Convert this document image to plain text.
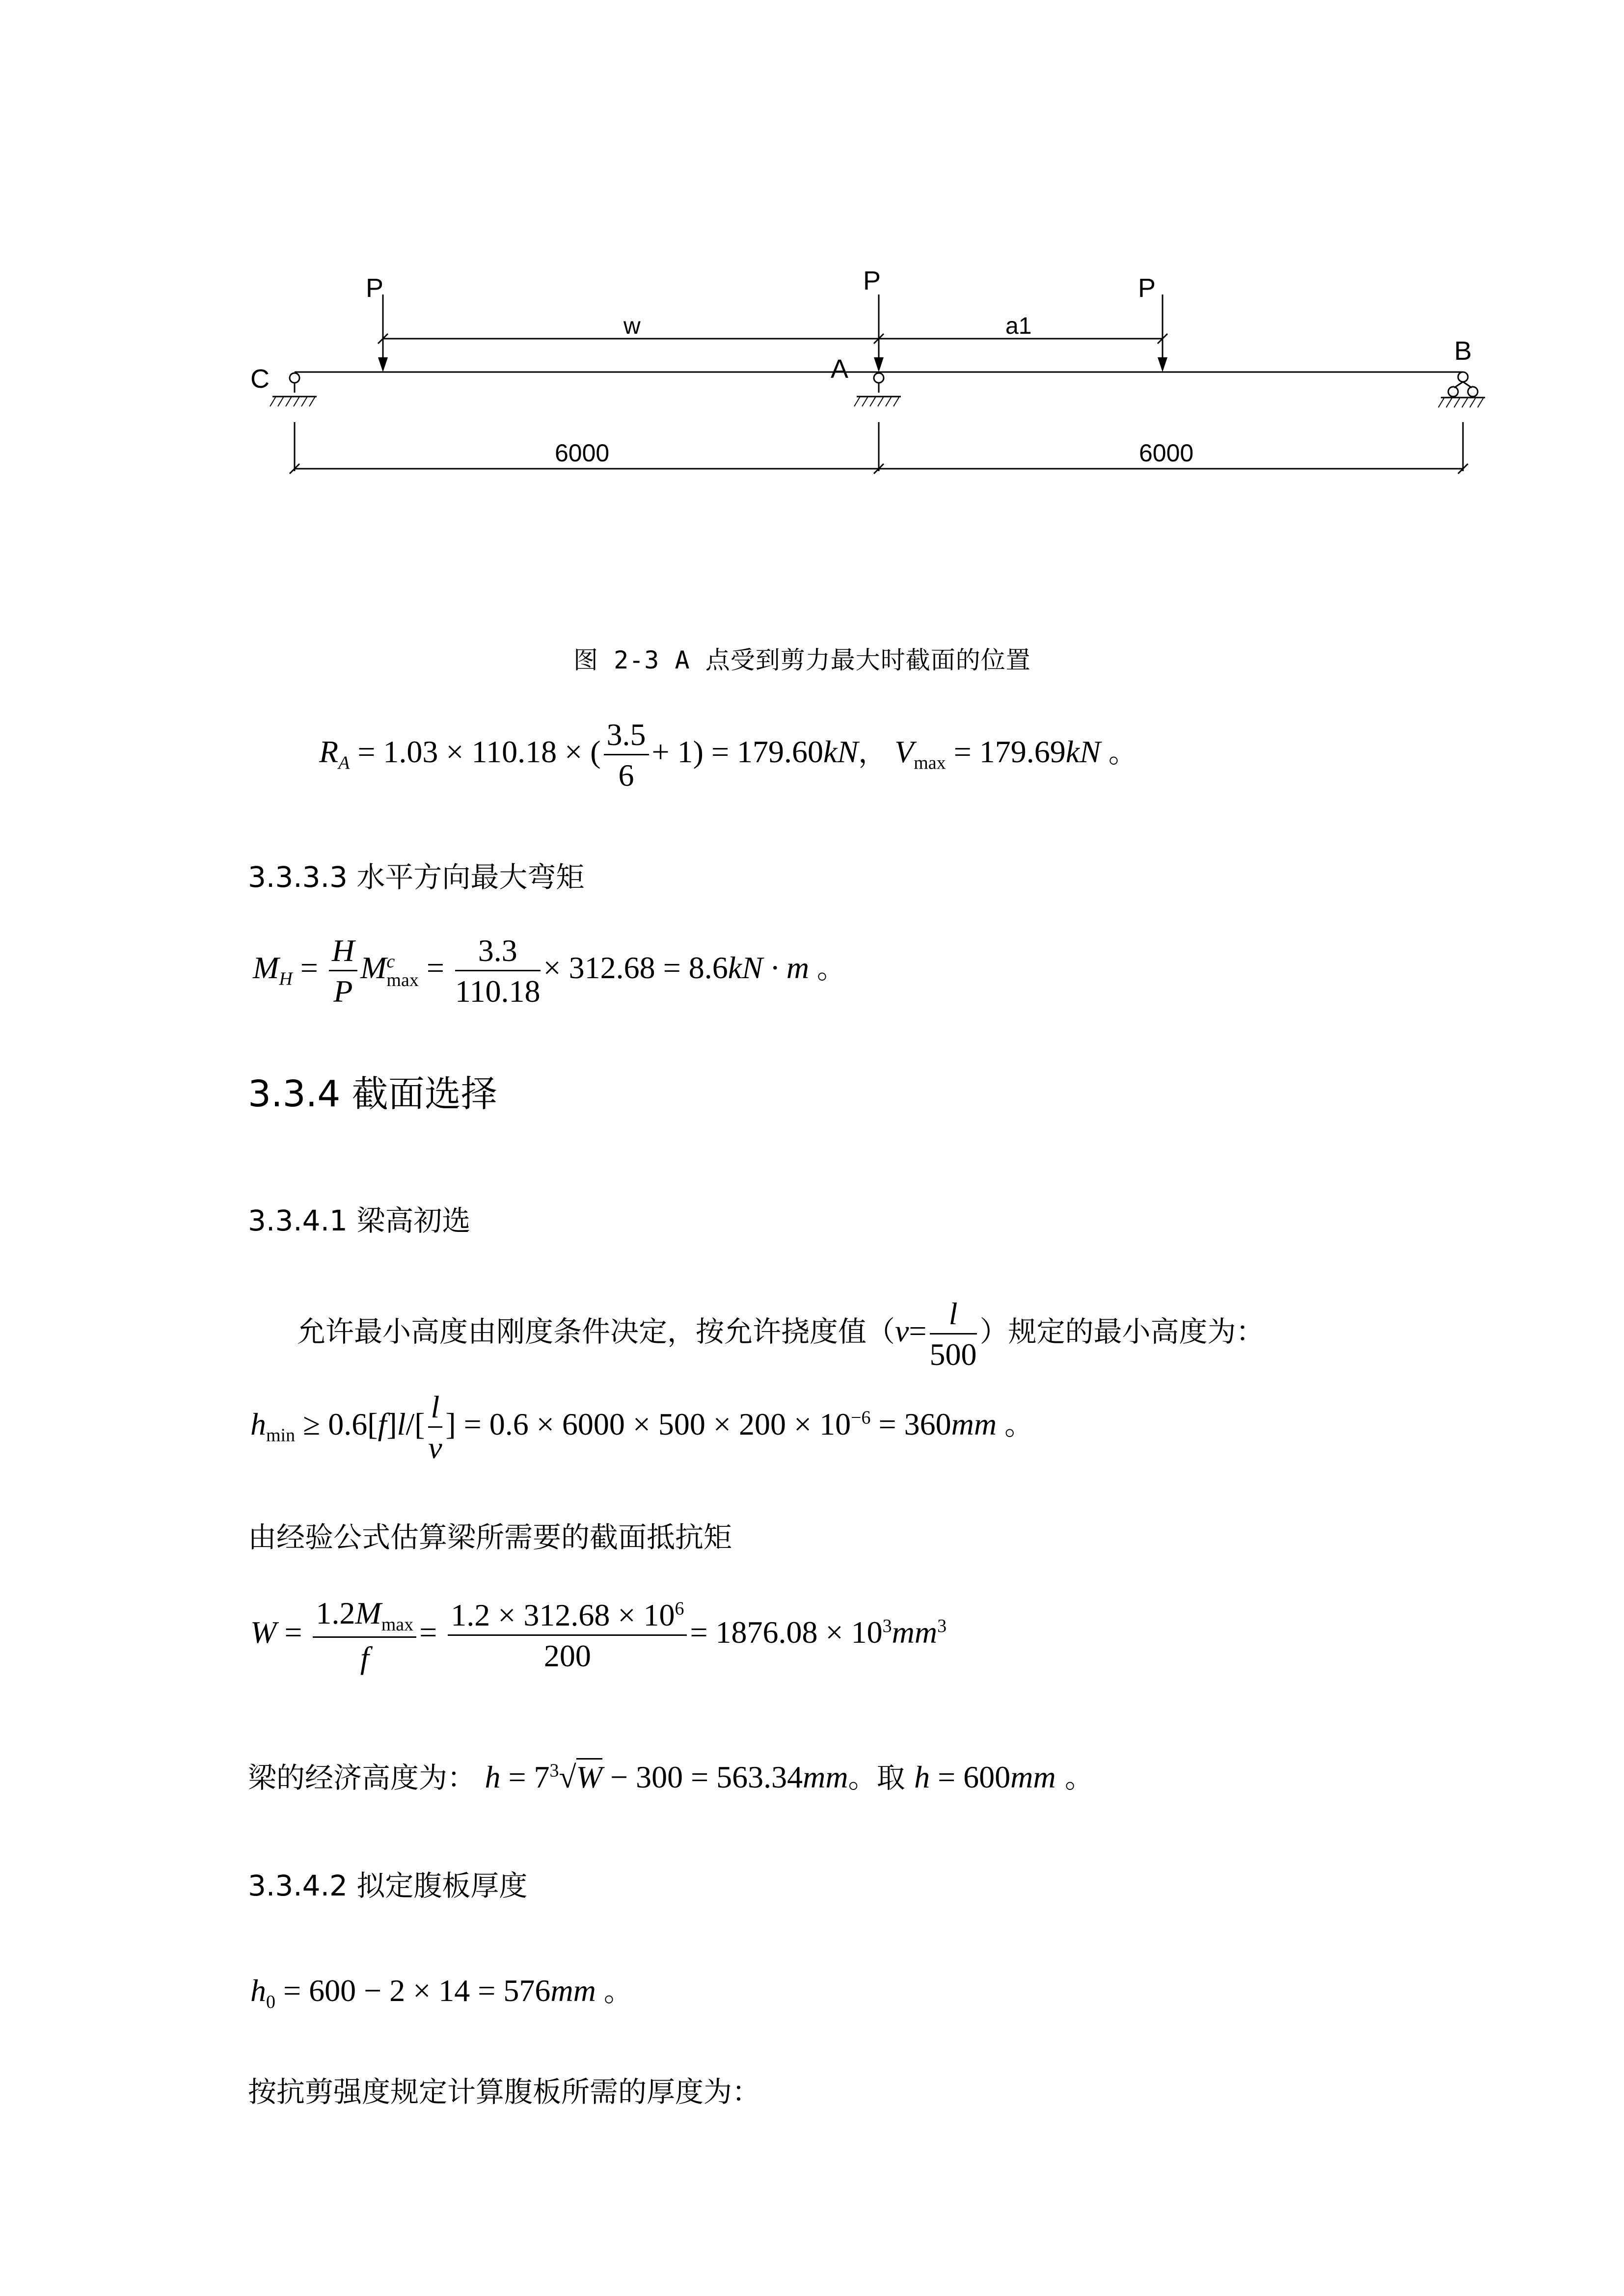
P	P	P
C	A
B
w	a1
6000	6000
图 2-3 A 点受到剪力最大时截面的位置
$R_A = 1.03 \times 110.18$ × ( $\frac{3.5}{6} + 1) = 179.60kN$， $V_{max} = 179.69kN$ 。
3.3.3.3 水平方向最大弯矩
$M_H = \frac{H}{P}$ M c
$\max = \frac{3.3}{110.18} \times 312.68 = 8.6kN \cdot m$ 。
3.3.4 截面选择
3.3.4.1 梁高初选
允许最小高度由刚度条件决定，按允许挠度值（$v= \frac{l}{500}$ ）规定的最小高度为：
$h_{min} \ge 0.6[f]l/[ \frac{l}{v}$ ] = $0.6 \times 6000 \times 500 \times 200 \times 10^{-6} = 360mm$ 。
由经验公式估算梁所需要的截面抵抗矩
$W = \frac{1.2M_{max}}{f} = \frac{1.2 \times 312.68 \times 10^6}{200} = 1876.08 \times 10^3mm^3$
梁的经济高度为： $h = 7^3√W - 300 = 563.34mm$。取 h = 600mm 。
3.3.4.2 拟定腹板厚度
$h_0 = 600 - 2 \times 14 = 576mm$ 。
按抗剪强度规定计算腹板所需的厚度为：
